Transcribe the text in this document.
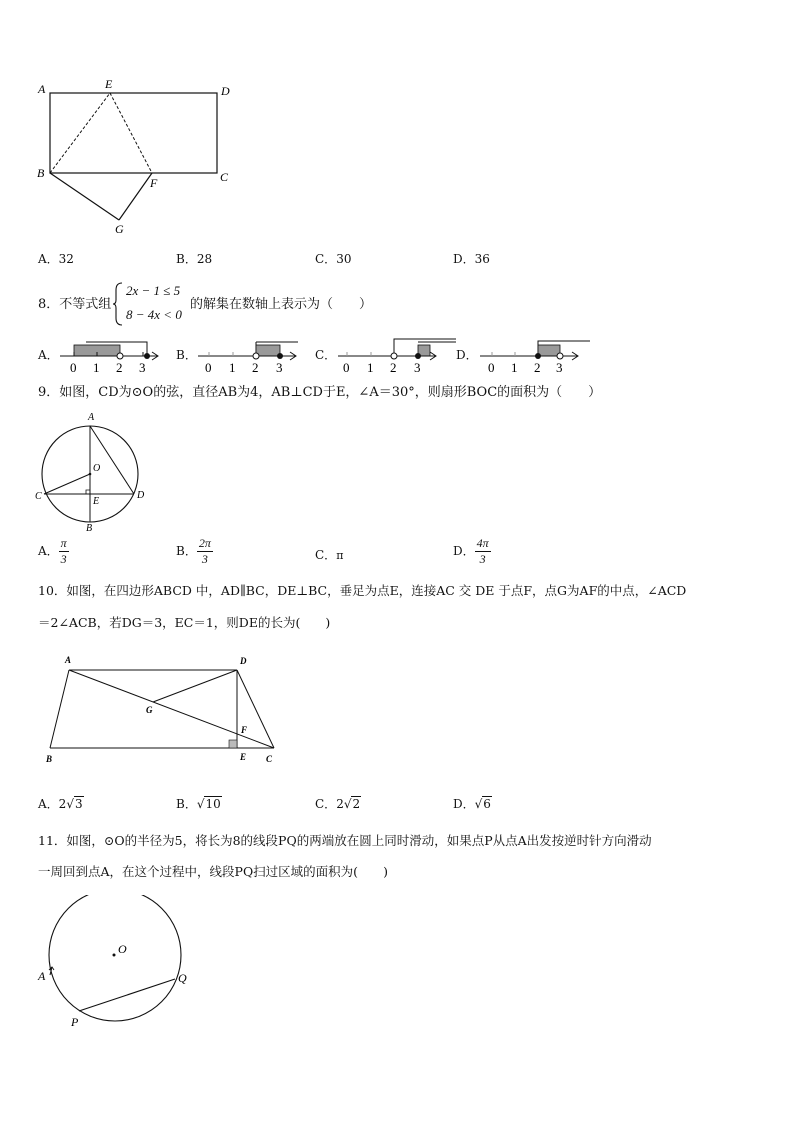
A	E	D
B
F	C
G
A．32	B．28	C．30	D．36
8．不等式组
2x − 1 ≤ 5
8 − 4x < 0
的解集在数轴上表示为（　　）
A．	B．	C．	D．
0 1 2 3	0 1 2 3	0 1 2 3	0 1 2 3
9．如图，CD为⊙O的弦，直径AB为4，AB⊥CD于E，∠A＝30°，则扇形BOC的面积为（　　）
A
O
C	D
E
B
A． $\frac{\pi}{3}$	B． $\frac{2\pi}{3}$	C．π	D． $\frac{4\pi}{3}$
10．如图，在四边形ABCD 中，AD∥BC，DE⊥BC，垂足为点E，连接AC 交 DE 于点F，点G为AF的中点，∠ACD
＝2∠ACB，若DG＝3，EC＝1，则DE的长为(　　)
A	D
G
F
B	E C
A．2√3	B．√10	C．2√2	D．√6
11．如图，⊙O的半径为5，将长为8的线段PQ的两端放在圆上同时滑动，如果点P从点A出发按逆时针方向滑动
一周回到点A，在这个过程中，线段PQ扫过区域的面积为(　　)
O
A	Q
P
